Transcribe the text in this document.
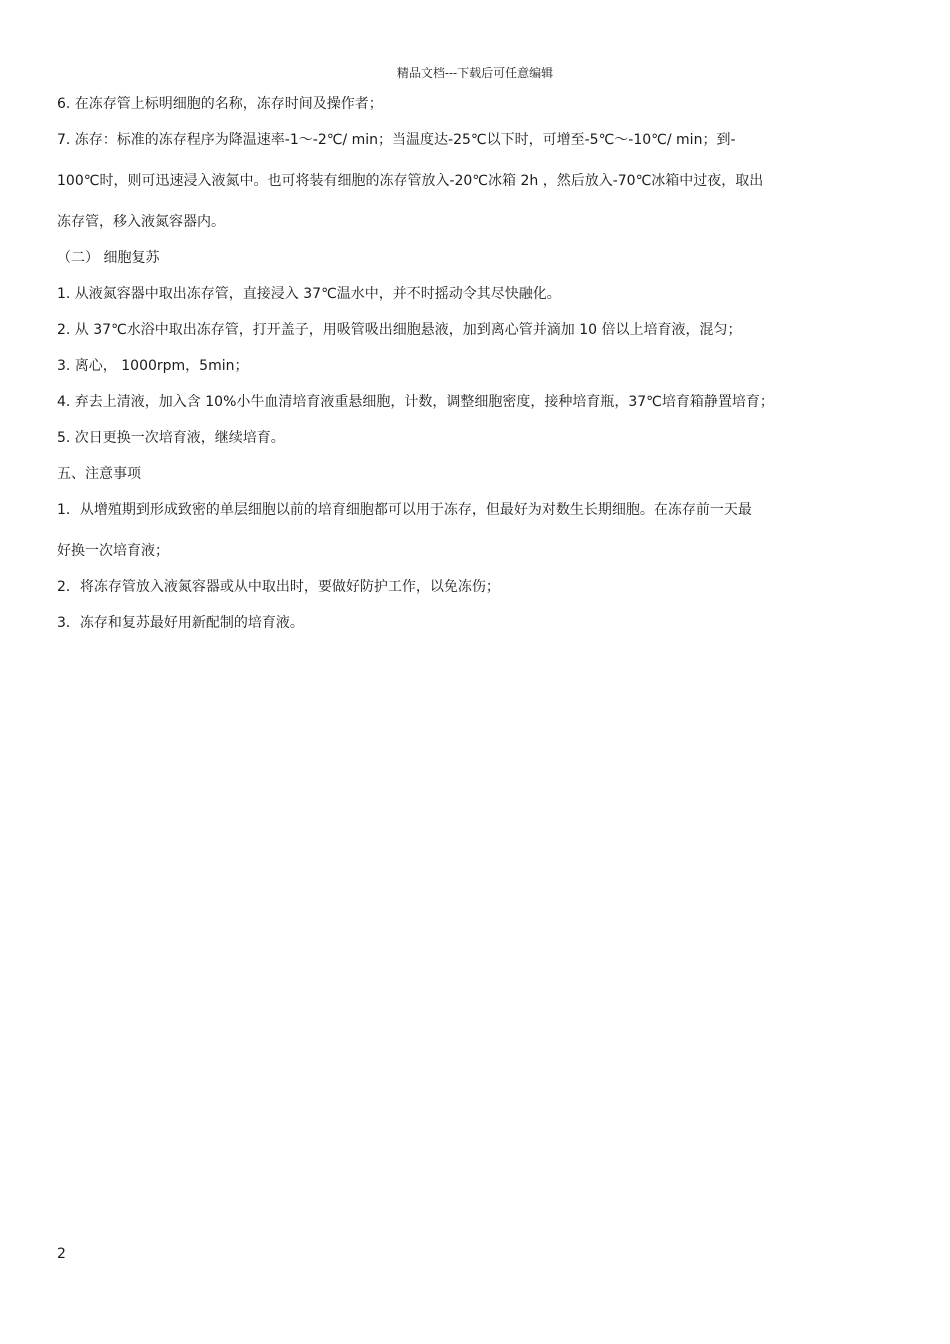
精品文档---下载后可任意编辑
6. 在冻存管上标明细胞的名称，冻存时间及操作者；
7. 冻存：标准的冻存程序为降温速率-1～-2℃/ min；当温度达-25℃以下时，可增至-5℃～-10℃/ min；到-
100℃时，则可迅速浸入液氮中。也可将装有细胞的冻存管放入-20℃冰箱 2h ，然后放入-70℃冰箱中过夜，取出
冻存管，移入液氮容器内。
（二） 细胞复苏
1. 从液氮容器中取出冻存管，直接浸入 37℃温水中，并不时摇动令其尽快融化。
2. 从 37℃水浴中取出冻存管，打开盖子，用吸管吸出细胞悬液，加到离心管并滴加 10 倍以上培育液，混匀；
3. 离心， 1000rpm，5min；
4. 弃去上清液，加入含 10%小牛血清培育液重悬细胞，计数，调整细胞密度，接种培育瓶，37℃培育箱静置培育；
5. 次日更换一次培育液，继续培育。
五、注意事项
1．从增殖期到形成致密的单层细胞以前的培育细胞都可以用于冻存，但最好为对数生长期细胞。在冻存前一天最
好换一次培育液；
2．将冻存管放入液氮容器或从中取出时，要做好防护工作，以免冻伤；
3．冻存和复苏最好用新配制的培育液。
2
